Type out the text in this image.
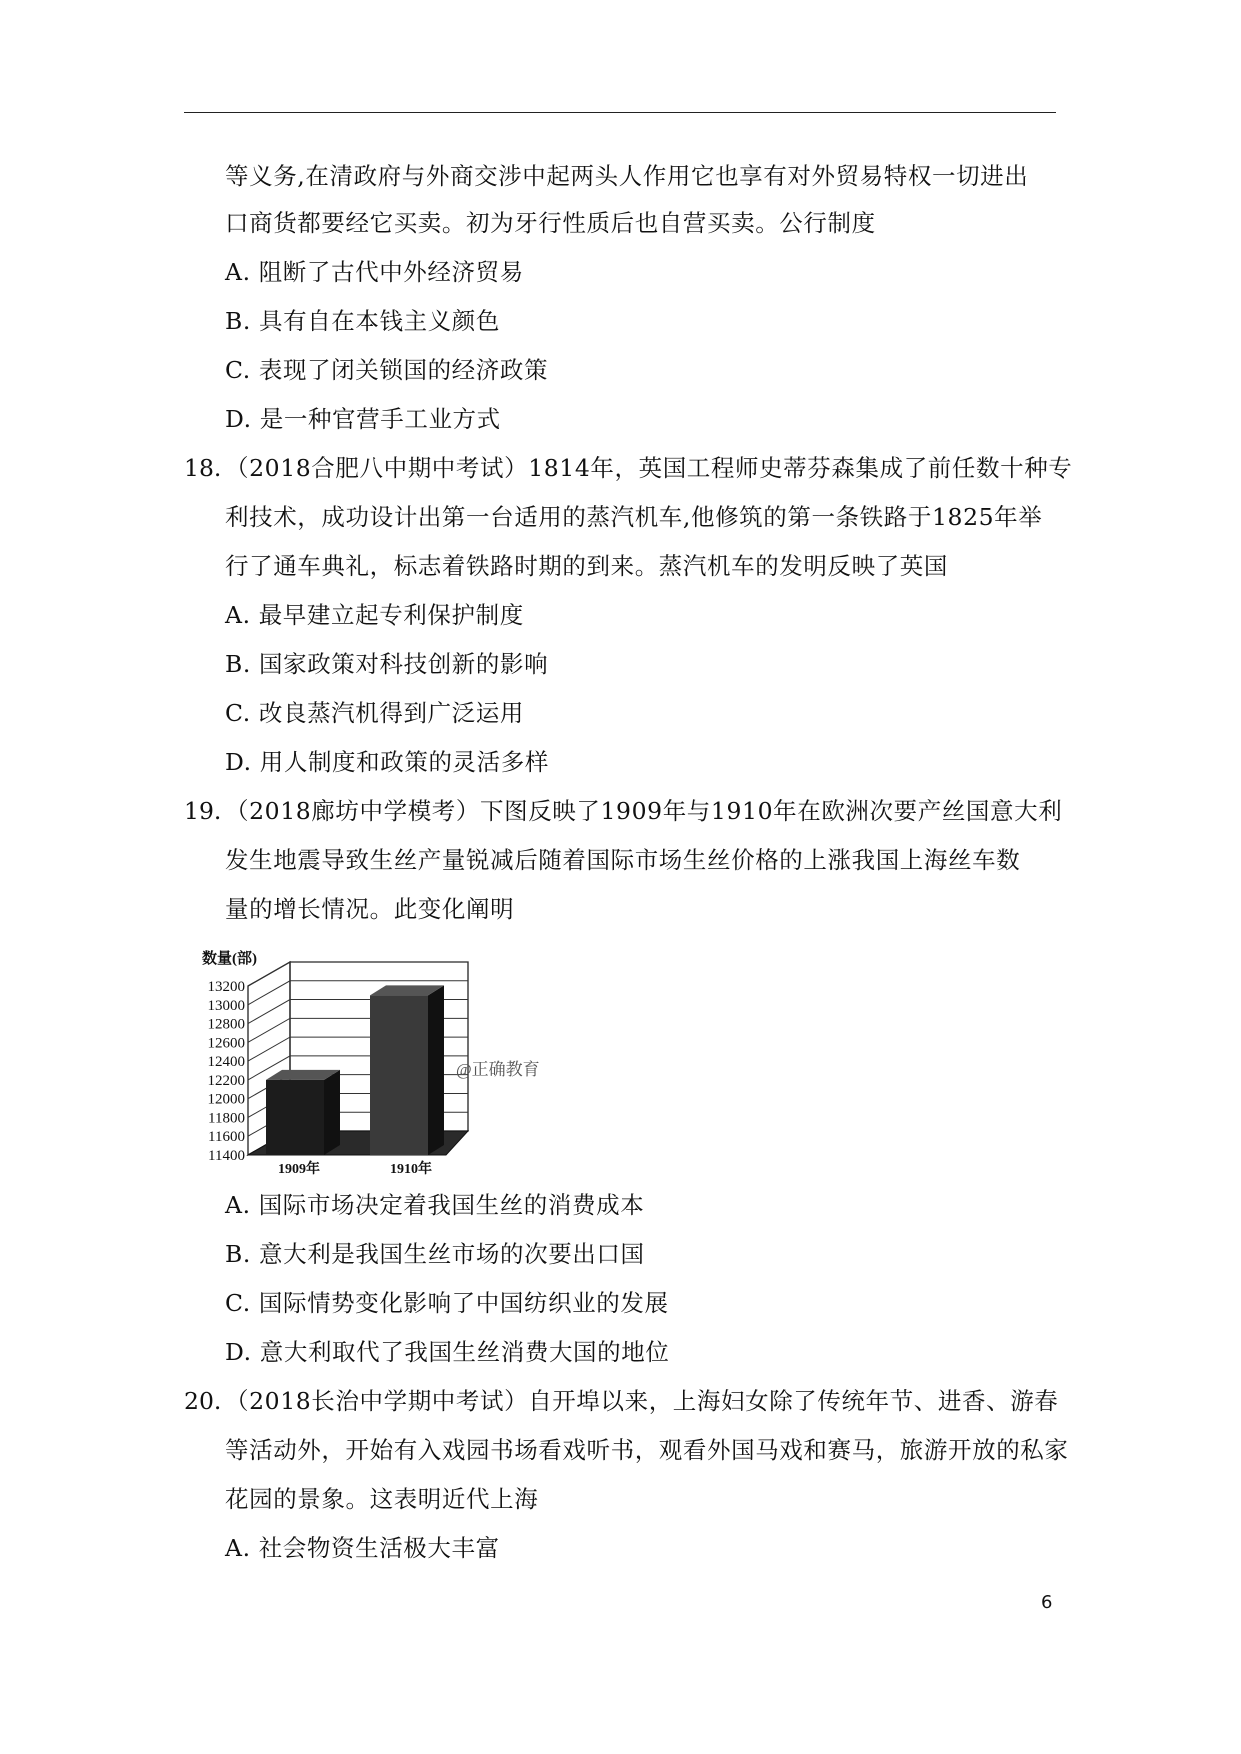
等义务,在清政府与外商交涉中起两头人作用它也享有对外贸易特权一切进出
口商货都要经它买卖。初为牙行性质后也自营买卖。公行制度
A. 阻断了古代中外经济贸易
B. 具有自在本钱主义颜色
C. 表现了闭关锁国的经济政策
D. 是一种官营手工业方式
18. （2018合肥八中期中考试）1814年，英国工程师史蒂芬森集成了前任数十种专
利技术，成功设计出第一台适用的蒸汽机车,他修筑的第一条铁路于1825年举
行了通车典礼，标志着铁路时期的到来。蒸汽机车的发明反映了英国
A. 最早建立起专利保护制度
B. 国家政策对科技创新的影响
C. 改良蒸汽机得到广泛运用
D. 用人制度和政策的灵活多样
19. （2018廊坊中学模考）下图反映了1909年与1910年在欧洲次要产丝国意大利
发生地震导致生丝产量锐减后随着国际市场生丝价格的上涨我国上海丝车数
量的增长情况。此变化阐明
11400
11600
11800
12000
12200
12400
12600
12800
13000
13200
数量(部)
1909年	1910年
@正确教育
A. 国际市场决定着我国生丝的消费成本
B. 意大利是我国生丝市场的次要出口国
C. 国际情势变化影响了中国纺织业的发展
D. 意大利取代了我国生丝消费大国的地位
20. （2018长治中学期中考试）自开埠以来，上海妇女除了传统年节、进香、游春
等活动外，开始有入戏园书场看戏听书，观看外国马戏和赛马，旅游开放的私家
花园的景象。这表明近代上海
A. 社会物资生活极大丰富
6
